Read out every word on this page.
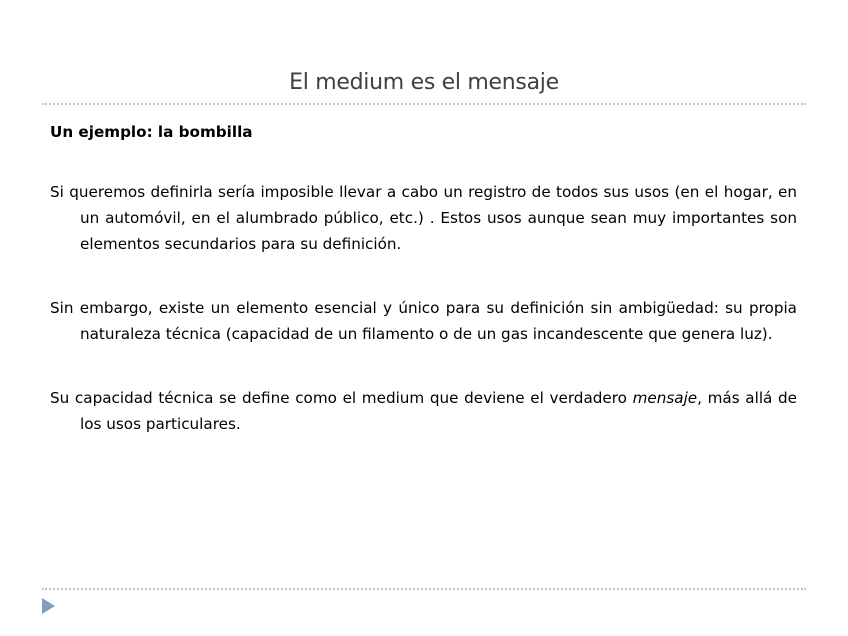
El medium es el mensaje

Un ejemplo: la bombilla

Si queremos definirla sería imposible llevar a cabo un registro de todos sus usos (en el hogar, en un automóvil, en el alumbrado público, etc.) . Estos usos aunque sean muy importantes son elementos secundarios para su definición.

Sin embargo, existe un elemento esencial y único para su definición sin ambigüedad: su propia naturaleza técnica (capacidad de un filamento o de un gas incandescente que genera luz).

Su capacidad técnica se define como el medium que deviene el verdadero mensaje, más allá de los usos particulares.
